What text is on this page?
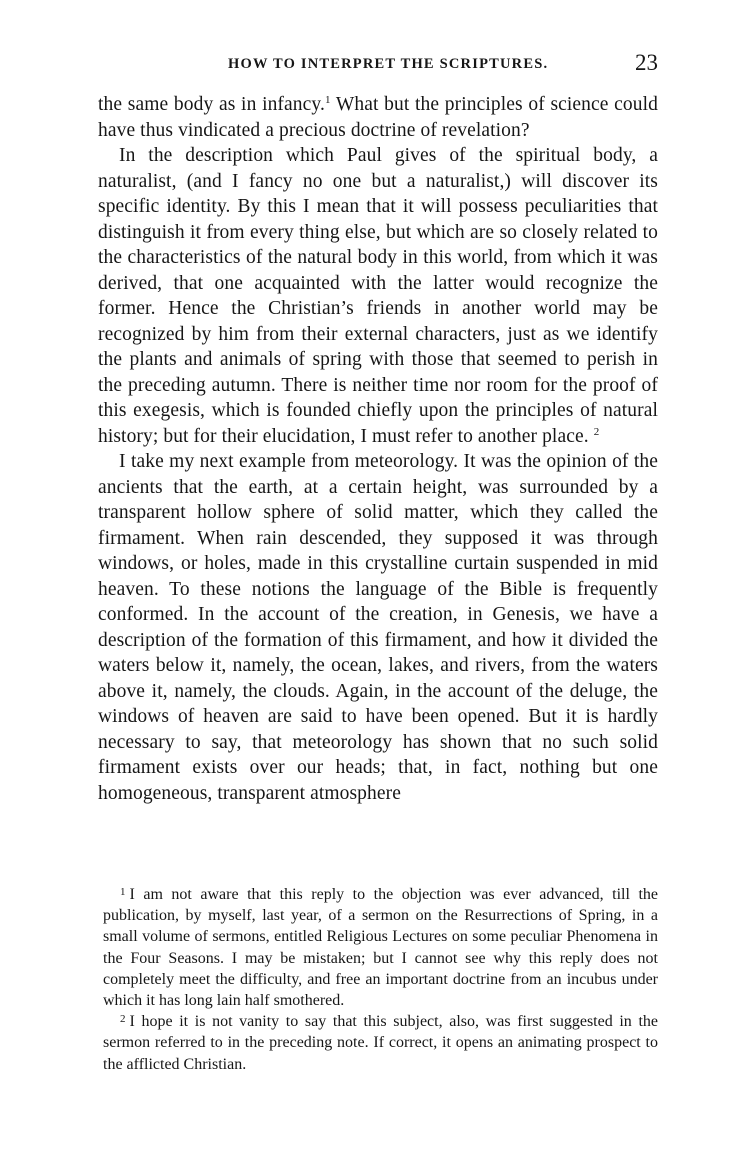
HOW TO INTERPRET THE SCRIPTURES.	23

the same body as in infancy.$^1$ What but the principles of science could have thus vindicated a precious doctrine of revelation?

In the description which Paul gives of the spiritual body, a naturalist, (and I fancy no one but a naturalist,) will discover its specific identity. By this I mean that it will possess peculiarities that distinguish it from every thing else, but which are so closely related to the characteristics of the natural body in this world, from which it was derived, that one acquainted with the latter would recognize the former. Hence the Christian’s friends in another world may be recognized by him from their external characters, just as we identify the plants and animals of spring with those that seemed to perish in the preceding autumn. There is neither time nor room for the proof of this exegesis, which is founded chiefly upon the principles of natural history; but for their elucidation, I must refer to another place. $^2$

I take my next example from meteorology. It was the opinion of the ancients that the earth, at a certain height, was surrounded by a transparent hollow sphere of solid matter, which they called the firmament. When rain descended, they supposed it was through windows, or holes, made in this crystalline curtain suspended in mid heaven. To these notions the language of the Bible is frequently conformed. In the account of the creation, in Genesis, we have a description of the formation of this firmament, and how it divided the waters below it, namely, the ocean, lakes, and rivers, from the waters above it, namely, the clouds. Again, in the account of the deluge, the windows of heaven are said to have been opened. But it is hardly necessary to say, that meteorology has shown that no such solid firmament exists over our heads; that, in fact, nothing but one homogeneous, transparent atmosphere

$^1$ I am not aware that this reply to the objection was ever advanced, till the publication, by myself, last year, of a sermon on the Resurrections of Spring, in a small volume of sermons, entitled Religious Lectures on some peculiar Phenomena in the Four Seasons. I may be mistaken; but I cannot see why this reply does not completely meet the difficulty, and free an important doctrine from an incubus under which it has long lain half smothered.

$^2$ I hope it is not vanity to say that this subject, also, was first suggested in the sermon referred to in the preceding note. If correct, it opens an animating prospect to the afflicted Christian.
